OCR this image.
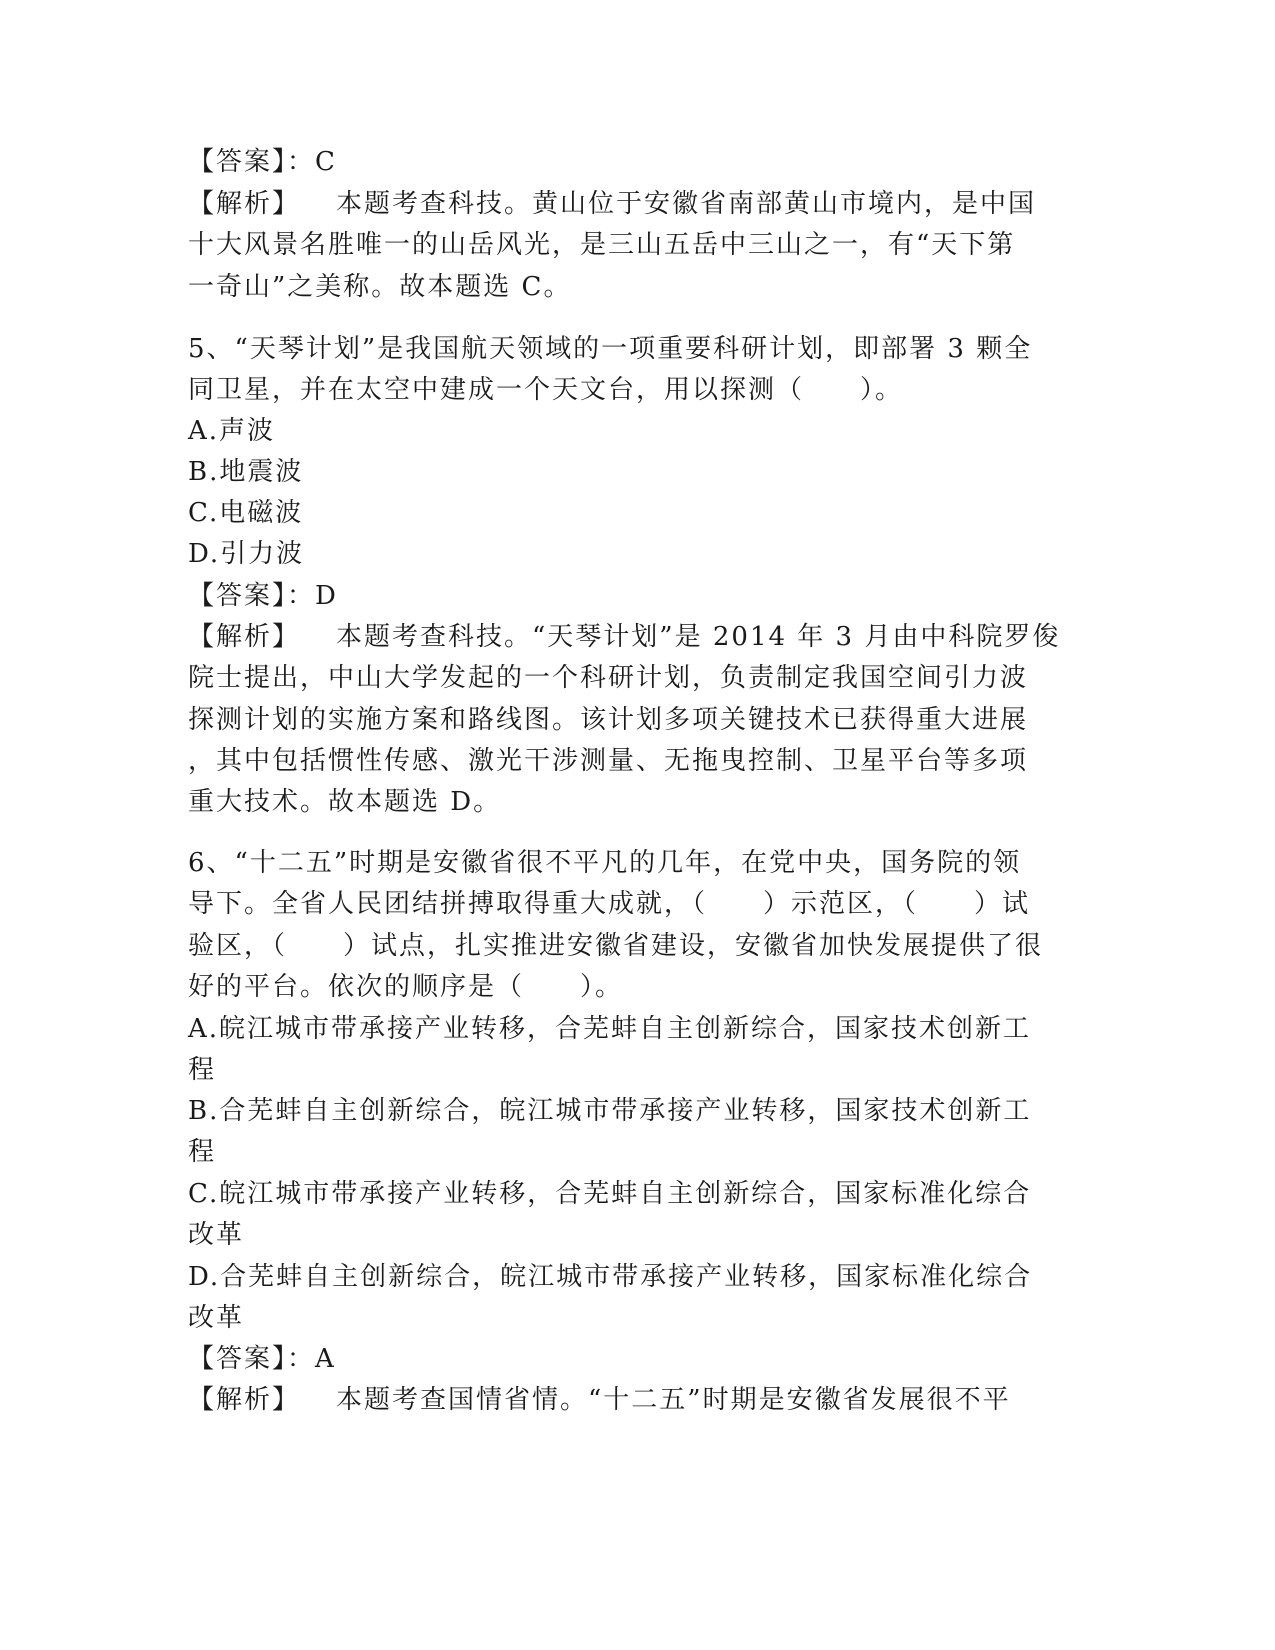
【答案】：C
【解析】 本题考查科技。黄山位于安徽省南部黄山市境内，是中国
十大风景名胜唯一的山岳风光，是三山五岳中三山之一，有“天下第
一奇山”之美称。故本题选 C。
5、“天琴计划”是我国航天领域的一项重要科研计划，即部署 3 颗全
同卫星，并在太空中建成一个天文台，用以探测（　　）。
A.声波
B.地震波
C.电磁波
D.引力波
【答案】：D
【解析】 本题考查科技。“天琴计划”是 2014 年 3 月由中科院罗俊
院士提出，中山大学发起的一个科研计划，负责制定我国空间引力波
探测计划的实施方案和路线图。该计划多项关键技术已获得重大进展
，其中包括惯性传感、激光干涉测量、无拖曳控制、卫星平台等多项
重大技术。故本题选 D。
6、“十二五”时期是安徽省很不平凡的几年，在党中央，国务院的领
导下。全省人民团结拼搏取得重大成就，（　　）示范区，（　　）试
验区，（　　）试点，扎实推进安徽省建设，安徽省加快发展提供了很
好的平台。依次的顺序是（　　）。
A.皖江城市带承接产业转移，合芜蚌自主创新综合，国家技术创新工
程
B.合芜蚌自主创新综合，皖江城市带承接产业转移，国家技术创新工
程
C.皖江城市带承接产业转移，合芜蚌自主创新综合，国家标准化综合
改革
D.合芜蚌自主创新综合，皖江城市带承接产业转移，国家标准化综合
改革
【答案】：A
【解析】 本题考查国情省情。“十二五”时期是安徽省发展很不平
